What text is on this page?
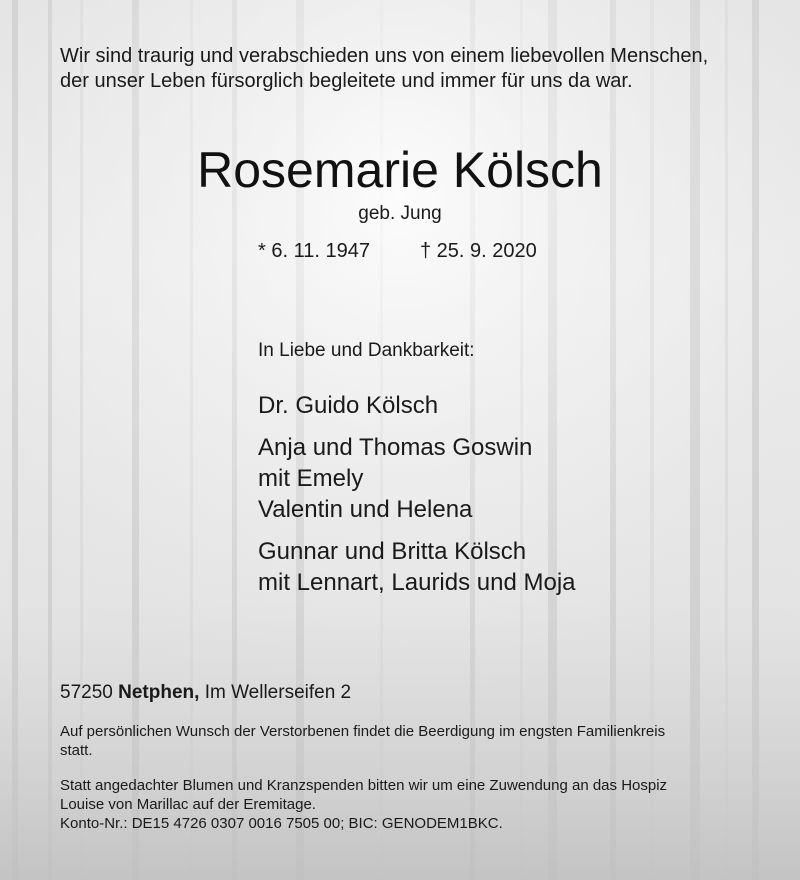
Wir sind traurig und verabschieden uns von einem liebevollen Menschen,
der unser Leben fürsorglich begleitete und immer für uns da war.
Rosemarie Kölsch
geb. Jung
* 6. 11. 1947	† 25. 9. 2020
In Liebe und Dankbarkeit:
Dr. Guido Kölsch
Anja und Thomas Goswin
mit Emely
Valentin und Helena
Gunnar und Britta Kölsch
mit Lennart, Laurids und Moja
57250 Netphen, Im Wellerseifen 2
Auf persönlichen Wunsch der Verstorbenen findet die Beerdigung im engsten Familienkreis
statt.
Statt angedachter Blumen und Kranzspenden bitten wir um eine Zuwendung an das Hospiz
Louise von Marillac auf der Eremitage.
Konto-Nr.: DE15 4726 0307 0016 7505 00; BIC: GENODEM1BKC.
